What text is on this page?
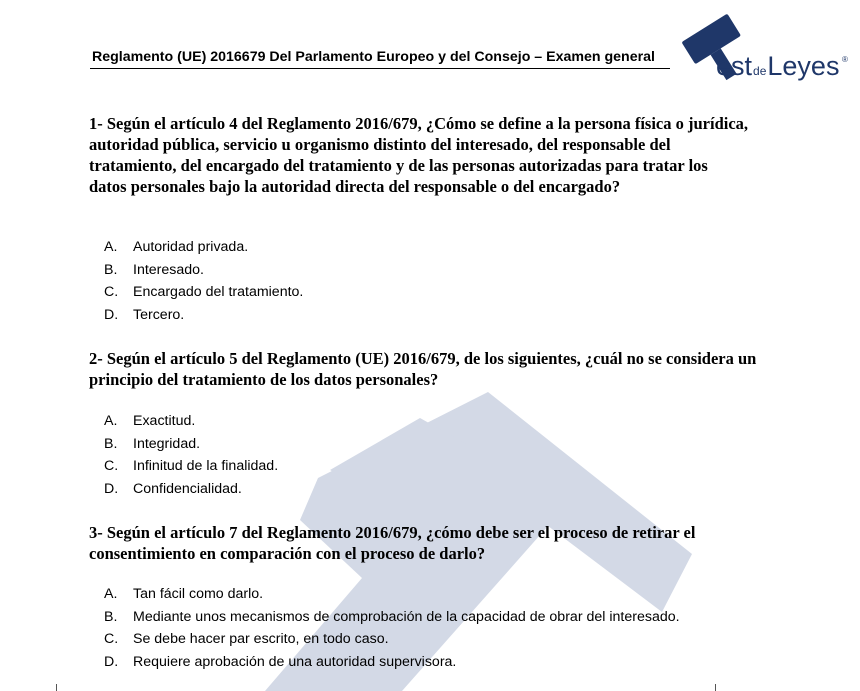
Reglamento (UE) 2016679 Del Parlamento Europeo y del Consejo – Examen general estdeLeyes ®
1- Según el artículo 4 del Reglamento 2016/679, ¿Cómo se define a la persona física o jurídica, autoridad pública, servicio u organismo distinto del interesado, del responsable del tratamiento, del encargado del tratamiento y de las personas autorizadas para tratar los datos personales bajo la autoridad directa del responsable o del encargado?
A. Autoridad privada.
B. Interesado.
C. Encargado del tratamiento.
D. Tercero.
2- Según el artículo 5 del Reglamento (UE) 2016/679, de los siguientes, ¿cuál no se considera un principio del tratamiento de los datos personales?
A. Exactitud.
B. Integridad.
C. Infinitud de la finalidad.
D. Confidencialidad.
3- Según el artículo 7 del Reglamento 2016/679, ¿cómo debe ser el proceso de retirar el consentimiento en comparación con el proceso de darlo?
A. Tan fácil como darlo.
B. Mediante unos mecanismos de comprobación de la capacidad de obrar del interesado.
C. Se debe hacer par escrito, en todo caso.
D. Requiere aprobación de una autoridad supervisora.
